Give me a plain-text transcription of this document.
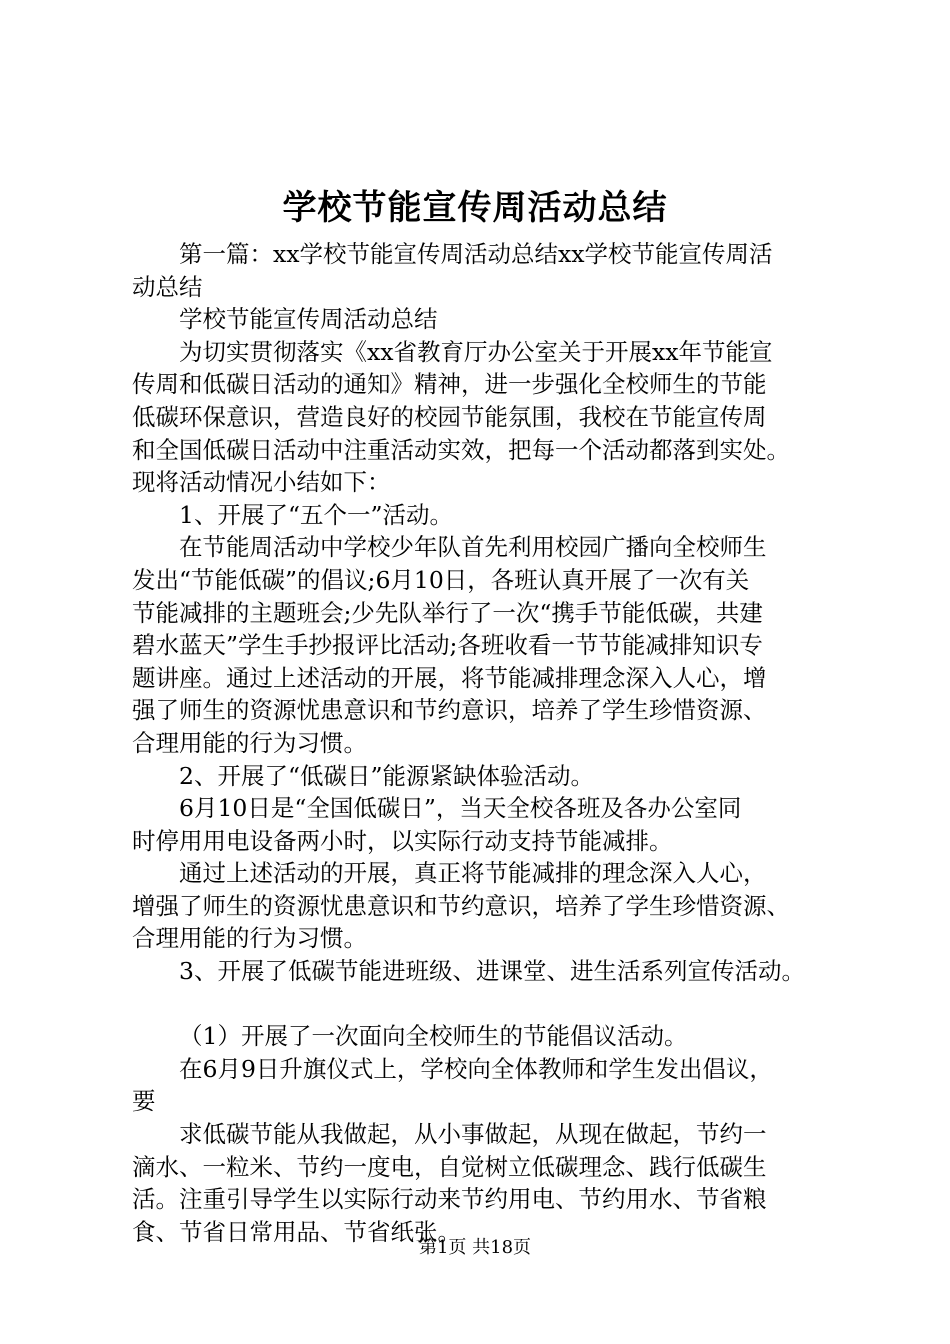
学校节能宣传周活动总结
第一篇：xx学校节能宣传周活动总结xx学校节能宣传周活
动总结
学校节能宣传周活动总结
为切实贯彻落实《xx省教育厅办公室关于开展xx年节能宣
传周和低碳日活动的通知》精神，进一步强化全校师生的节能
低碳环保意识，营造良好的校园节能氛围，我校在节能宣传周
和全国低碳日活动中注重活动实效，把每一个活动都落到实处。
现将活动情况小结如下：
1、开展了“五个一”活动。
在节能周活动中学校少年队首先利用校园广播向全校师生
发出“节能低碳”的倡议;6月10日，各班认真开展了一次有关
节能减排的主题班会;少先队举行了一次“携手节能低碳，共建
碧水蓝天”学生手抄报评比活动;各班收看一节节能减排知识专
题讲座。通过上述活动的开展，将节能减排理念深入人心，增
强了师生的资源忧患意识和节约意识，培养了学生珍惜资源、
合理用能的行为习惯。
2、开展了“低碳日”能源紧缺体验活动。
6月10日是“全国低碳日”，当天全校各班及各办公室同
时停用用电设备两小时，以实际行动支持节能减排。
通过上述活动的开展，真正将节能减排的理念深入人心，
增强了师生的资源忧患意识和节约意识，培养了学生珍惜资源、
合理用能的行为习惯。
3、开展了低碳节能进班级、进课堂、进生活系列宣传活动。
（1）开展了一次面向全校师生的节能倡议活动。
在6月9日升旗仪式上，学校向全体教师和学生发出倡议，
要
求低碳节能从我做起，从小事做起，从现在做起，节约一
滴水、一粒米、节约一度电，自觉树立低碳理念、践行低碳生
活。注重引导学生以实际行动来节约用电、节约用水、节省粮
食、节省日常用品、节省纸张。
第1页 共18页
